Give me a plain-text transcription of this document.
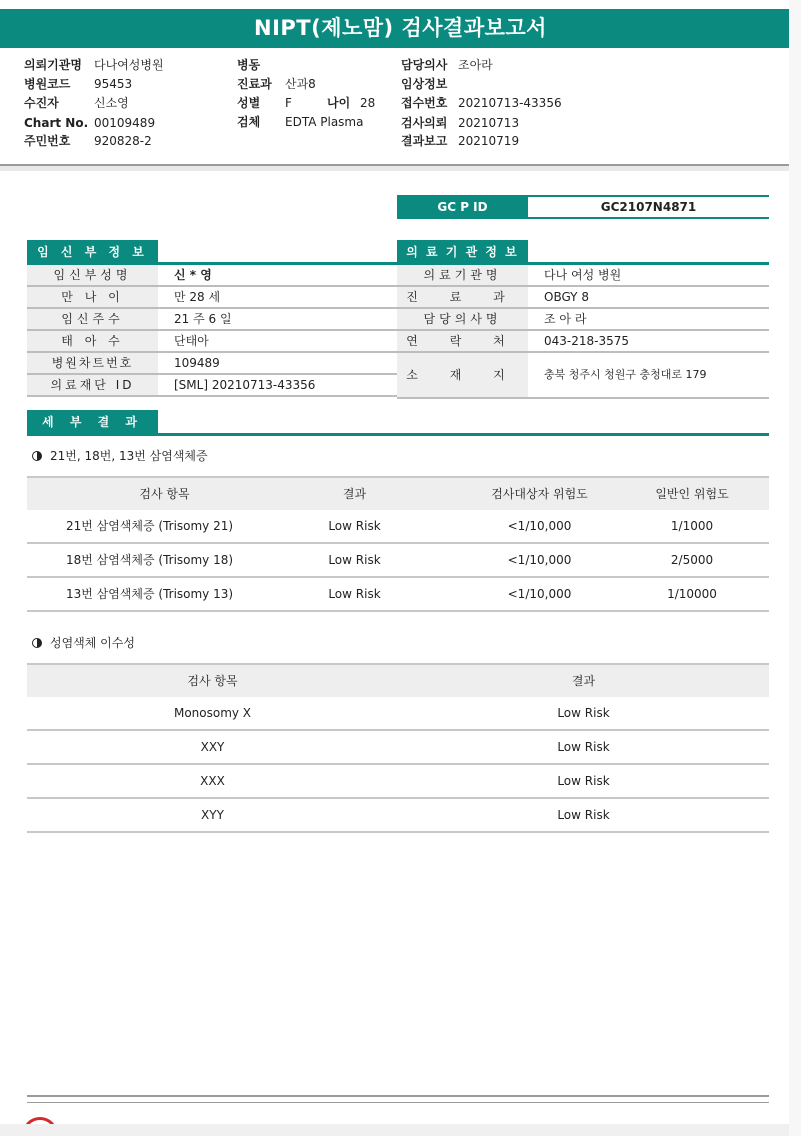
NIPT(제노맘) 검사결과보고서
의뢰기관명 다나여성병원
병원코드 95453
수진자	신소영
Chart No. 00109489
주민번호 920828-2
병동
진료과 산과8
성별 F	나이 28
검체 EDTA Plasma
담당의사 조아라
임상정보
접수번호 20210713-43356
검사의뢰 20210713
결과보고 20210719
GC P ID	GC2107N4871
임 신 부 정 보
임신부성명	신 * 영
만 나 이	만 28 세
임신주수	21 주 6 일
태 아 수	단태아
병원차트번호	109489
의료재단 ID	[SML] 20210713-43356
의 료 기 관 정 보
의료기관명	다나 여성 병원
진 료 과	OBGY 8
담당의사명	조 아 라
연 락 처	043-218-3575
소 재 지	충북 청주시 청원구 충청대로 179
세 부 결 과
21번, 18번, 13번 삼염색체증
검사 항목	결과	검사대상자 위험도	일반인 위험도
21번 삼염색체증 (Trisomy 21)	Low Risk	<1/10,000	1/1000
18번 삼염색체증 (Trisomy 18)	Low Risk	<1/10,000	2/5000
13번 삼염색체증 (Trisomy 13)	Low Risk	<1/10,000	1/10000
성염색체 이수성
검사 항목	결과
Monosomy X	Low Risk
XXY	Low Risk
XXX	Low Risk
XYY	Low Risk
